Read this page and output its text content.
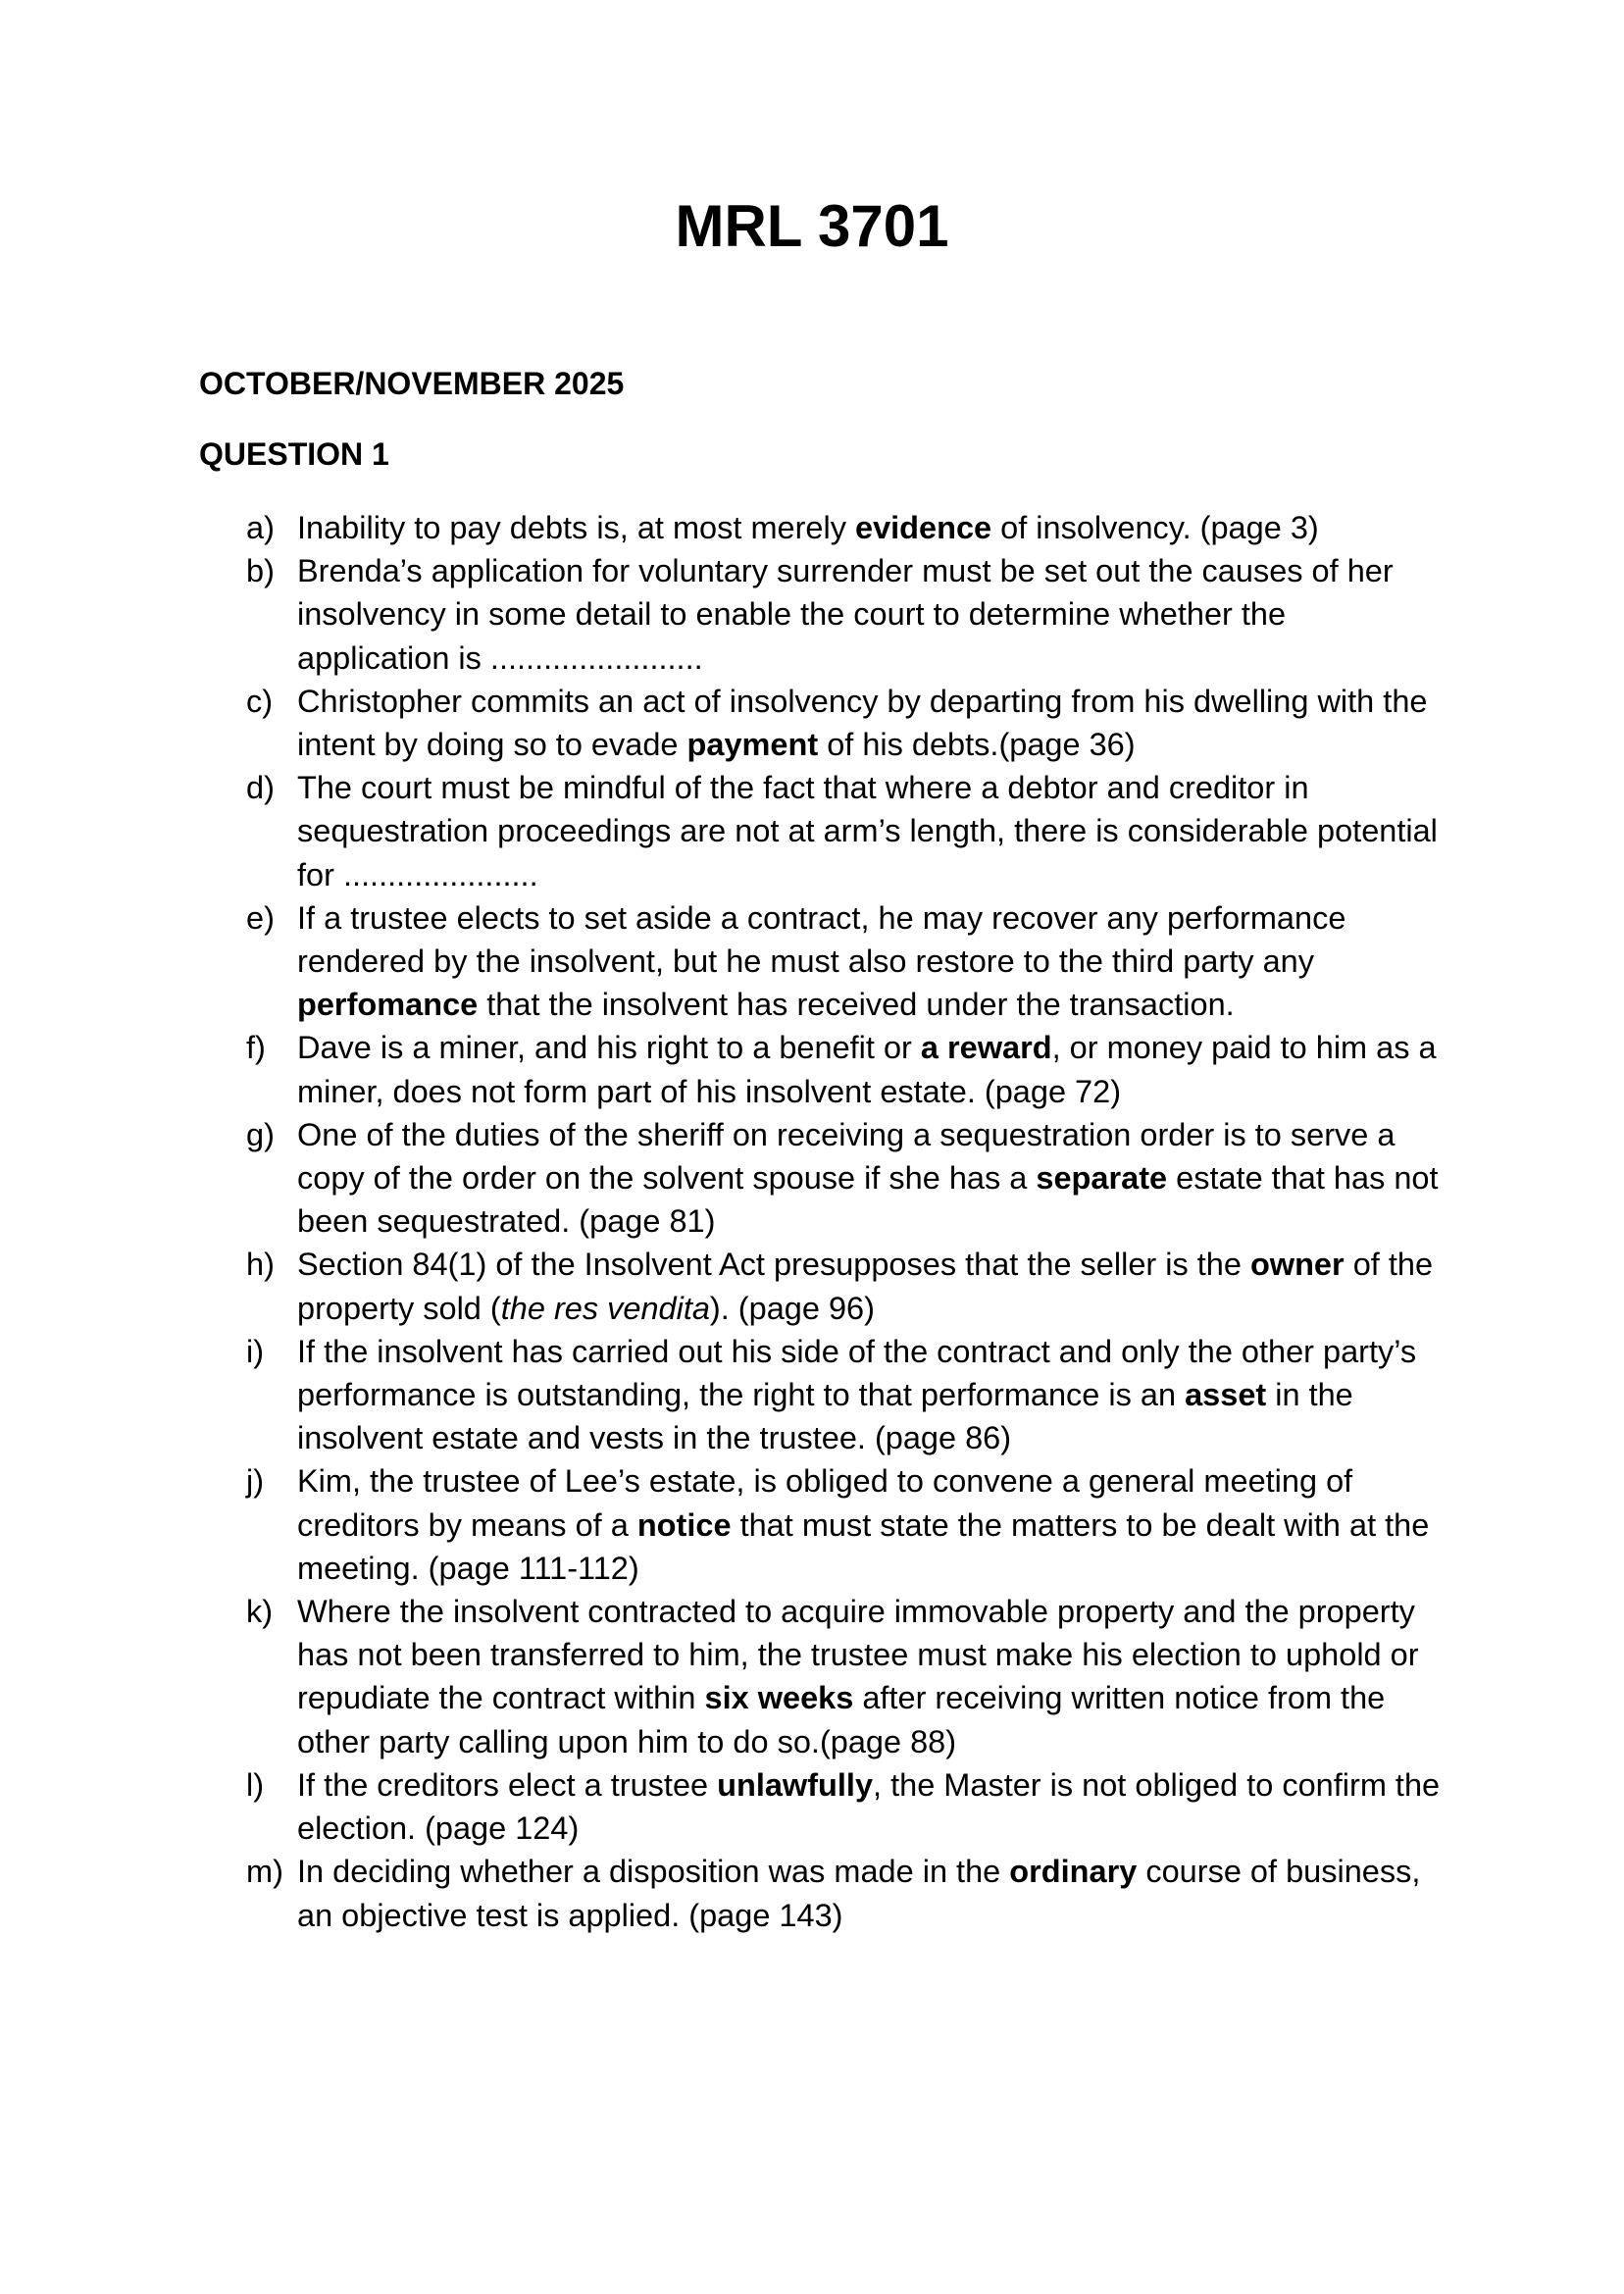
MRL 3701
OCTOBER/NOVEMBER 2025
QUESTION 1
a) Inability to pay debts is, at most merely evidence of insolvency. (page 3)
b) Brenda’s application for voluntary surrender must be set out the causes of her
insolvency in some detail to enable the court to determine whether the
application is ........................
c) Christopher commits an act of insolvency by departing from his dwelling with the
intent by doing so to evade payment of his debts.(page 36)
d) The court must be mindful of the fact that where a debtor and creditor in
sequestration proceedings are not at arm’s length, there is considerable potential
for ......................
e) If a trustee elects to set aside a contract, he may recover any performance
rendered by the insolvent, but he must also restore to the third party any
perfomance that the insolvent has received under the transaction.
f) Dave is a miner, and his right to a benefit or a reward, or money paid to him as a
miner, does not form part of his insolvent estate. (page 72)
g) One of the duties of the sheriff on receiving a sequestration order is to serve a
copy of the order on the solvent spouse if she has a separate estate that has not
been sequestrated. (page 81)
h) Section 84(1) of the Insolvent Act presupposes that the seller is the owner of the
property sold (the res vendita). (page 96)
i) If the insolvent has carried out his side of the contract and only the other party’s
performance is outstanding, the right to that performance is an asset in the
insolvent estate and vests in the trustee. (page 86)
j) Kim, the trustee of Lee’s estate, is obliged to convene a general meeting of
creditors by means of a notice that must state the matters to be dealt with at the
meeting. (page 111-112)
k) Where the insolvent contracted to acquire immovable property and the property
has not been transferred to him, the trustee must make his election to uphold or
repudiate the contract within six weeks after receiving written notice from the
other party calling upon him to do so.(page 88)
l) If the creditors elect a trustee unlawfully, the Master is not obliged to confirm the
election. (page 124)
m) In deciding whether a disposition was made in the ordinary course of business,
an objective test is applied. (page 143)
